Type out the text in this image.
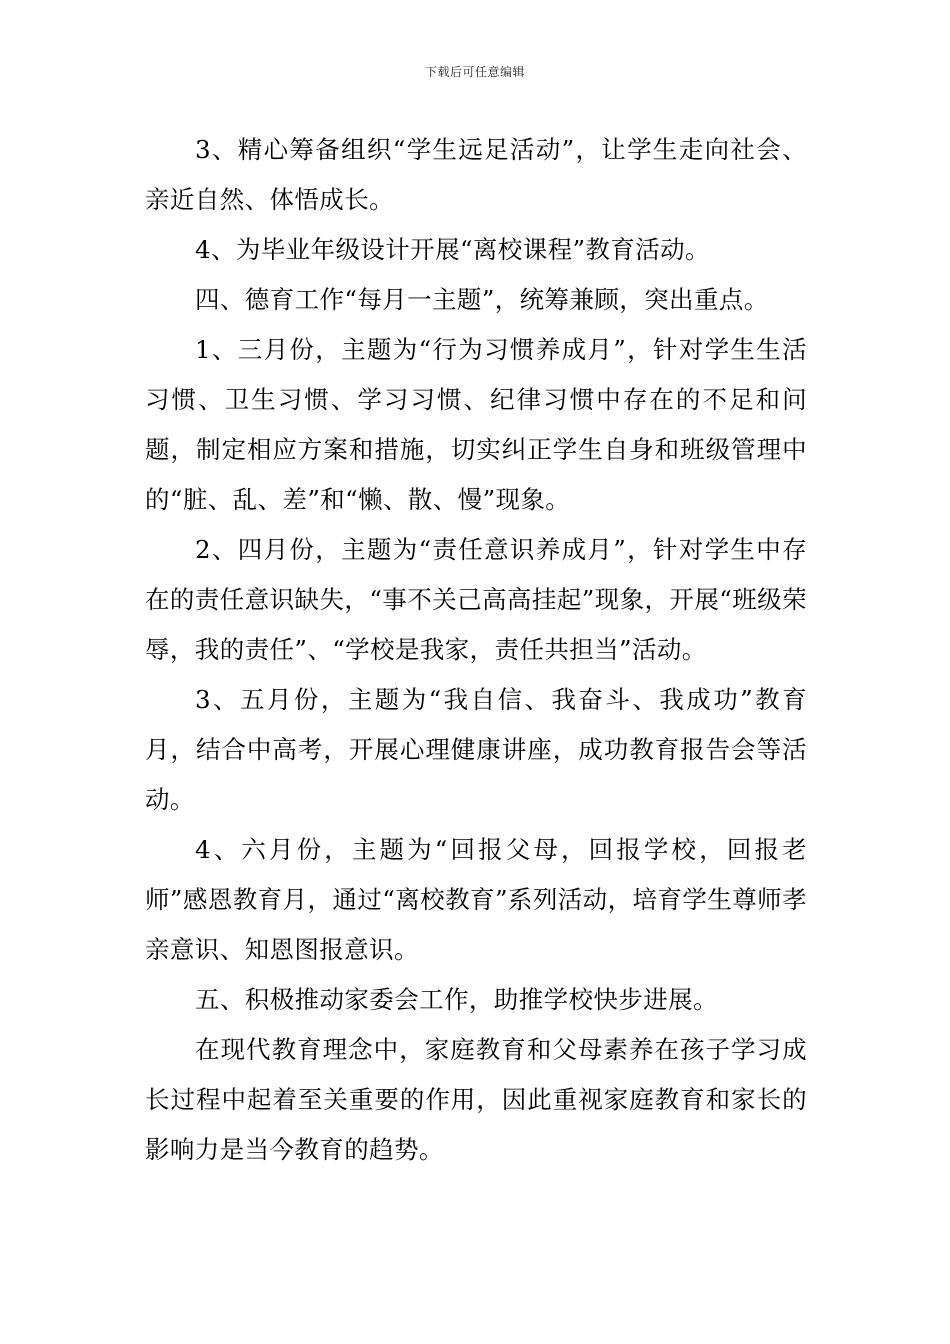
下载后可任意编辑

3、精心筹备组织“学生远足活动”，让学生走向社会、亲近自然、体悟成长。

4、为毕业年级设计开展“离校课程”教育活动。

四、德育工作“每月一主题”，统筹兼顾，突出重点。

1、三月份，主题为“行为习惯养成月”，针对学生生活习惯、卫生习惯、学习习惯、纪律习惯中存在的不足和问题，制定相应方案和措施，切实纠正学生自身和班级管理中的“脏、乱、差”和“懒、散、慢”现象。

2、四月份，主题为“责任意识养成月”，针对学生中存在的责任意识缺失，“事不关己高高挂起”现象，开展“班级荣辱，我的责任”、“学校是我家，责任共担当”活动。

3、五月份，主题为“我自信、我奋斗、我成功”教育月，结合中高考，开展心理健康讲座，成功教育报告会等活动。

4、六月份，主题为“回报父母，回报学校，回报老师”感恩教育月，通过“离校教育”系列活动，培育学生尊师孝亲意识、知恩图报意识。

五、积极推动家委会工作，助推学校快步进展。

在现代教育理念中，家庭教育和父母素养在孩子学习成长过程中起着至关重要的作用，因此重视家庭教育和家长的影响力是当今教育的趋势。
